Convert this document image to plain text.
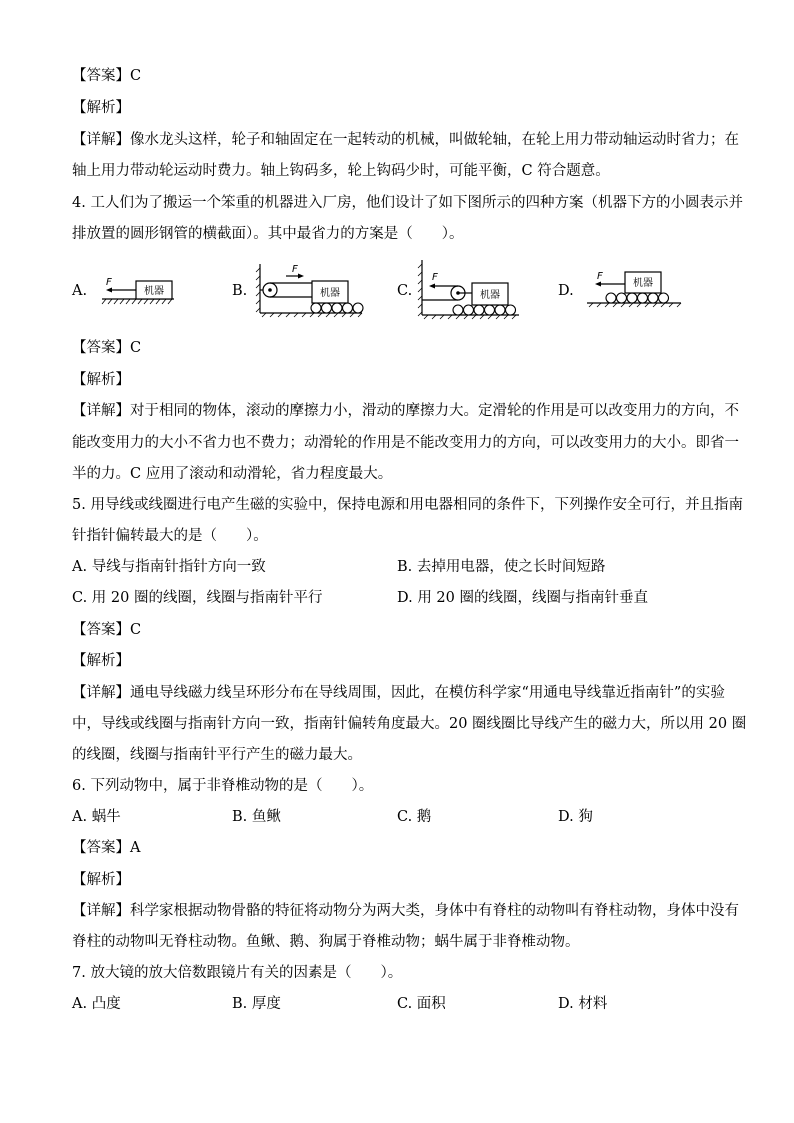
【答案】C
【解析】
【详解】像水龙头这样，轮子和轴固定在一起转动的机械，叫做轮轴，在轮上用力带动轴运动时省力；在
轴上用力带动轮运动时费力。轴上钩码多，轮上钩码少时，可能平衡，C 符合题意。
4. 工人们为了搬运一个笨重的机器进入厂房，他们设计了如下图所示的四种方案（机器下方的小圆表示并
排放置的圆形钢管的横截面）。其中最省力的方案是（　　）。
A.	B.	C.	D.
机器
F
机器
F
F
机器
机器
F
【答案】C
【解析】
【详解】对于相同的物体，滚动的摩擦力小，滑动的摩擦力大。定滑轮的作用是可以改变用力的方向，不
能改变用力的大小不省力也不费力；动滑轮的作用是不能改变用力的方向，可以改变用力的大小。即省一
半的力。C 应用了滚动和动滑轮，省力程度最大。
5. 用导线或线圈进行电产生磁的实验中，保持电源和用电器相同的条件下，下列操作安全可行，并且指南
针指针偏转最大的是（　　）。
A. 导线与指南针指针方向一致	B. 去掉用电器，使之长时间短路
C. 用 20 圈的线圈，线圈与指南针平行	D. 用 20 圈的线圈，线圈与指南针垂直
【答案】C
【解析】
【详解】通电导线磁力线呈环形分布在导线周围，因此，在模仿科学家“用通电导线靠近指南针”的实验
中，导线或线圈与指南针方向一致，指南针偏转角度最大。20 圈线圈比导线产生的磁力大，所以用 20 圈
的线圈，线圈与指南针平行产生的磁力最大。
6. 下列动物中，属于非脊椎动物的是（　　）。
A. 蜗牛	B. 鱼鳅	C. 鹅	D. 狗
【答案】A
【解析】
【详解】科学家根据动物骨骼的特征将动物分为两大类，身体中有脊柱的动物叫有脊柱动物，身体中没有
脊柱的动物叫无脊柱动物。鱼鳅、鹅、狗属于脊椎动物；蜗牛属于非脊椎动物。
7. 放大镜的放大倍数跟镜片有关的因素是（　　）。
A. 凸度	B. 厚度	C. 面积	D. 材料
